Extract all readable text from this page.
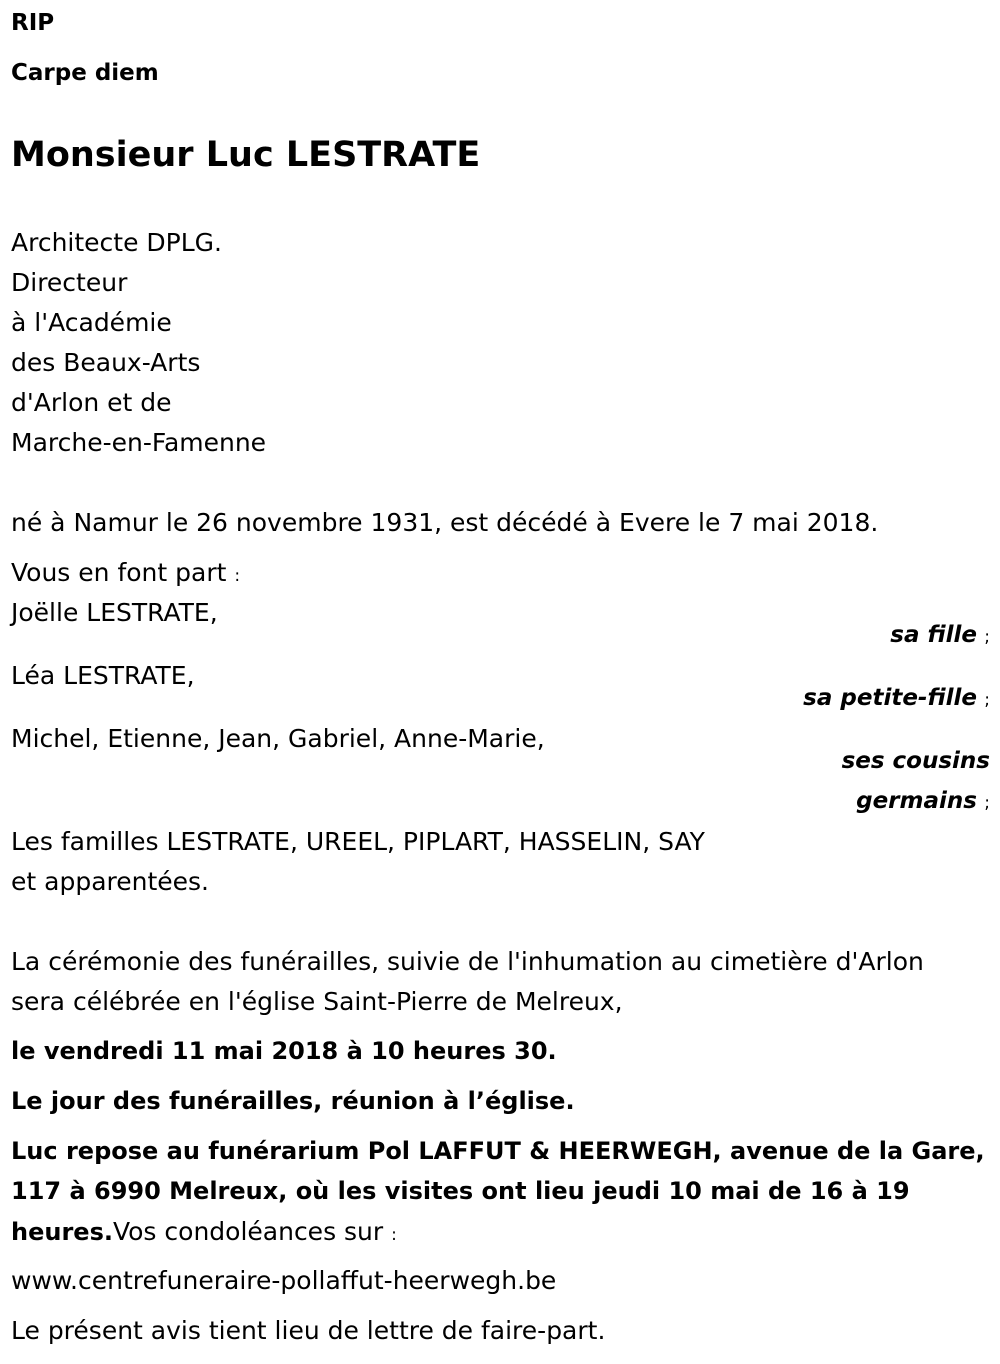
RIP

Carpe diem

Monsieur Luc LESTRATE

Architecte DPLG.

Directeur

à l'Académie

des Beaux-Arts

d'Arlon et de

Marche-en-Famenne

né à Namur le 26 novembre 1931, est décédé à Evere le 7 mai 2018.

Vous en font part :

Joëlle LESTRATE,

sa fille ;

Léa LESTRATE,

sa petite-fille ;

Michel, Etienne, Jean, Gabriel, Anne-Marie,

ses cousins

germains ;

Les familles LESTRATE, UREEL, PIPLART, HASSELIN, SAY

et apparentées.

La cérémonie des funérailles, suivie de l'inhumation au cimetière d'Arlon

sera célébrée en l'église Saint-Pierre de Melreux,

le vendredi 11 mai 2018 à 10 heures 30.

Le jour des funérailles, réunion à l’église.

Luc repose au funérarium Pol LAFFUT & HEERWEGH, avenue de la Gare,

117 à 6990 Melreux, où les visites ont lieu jeudi 10 mai de 16 à 19

heures.Vos condoléances sur :

www.centrefuneraire-pollaffut-heerwegh.be

Le présent avis tient lieu de lettre de faire-part.
